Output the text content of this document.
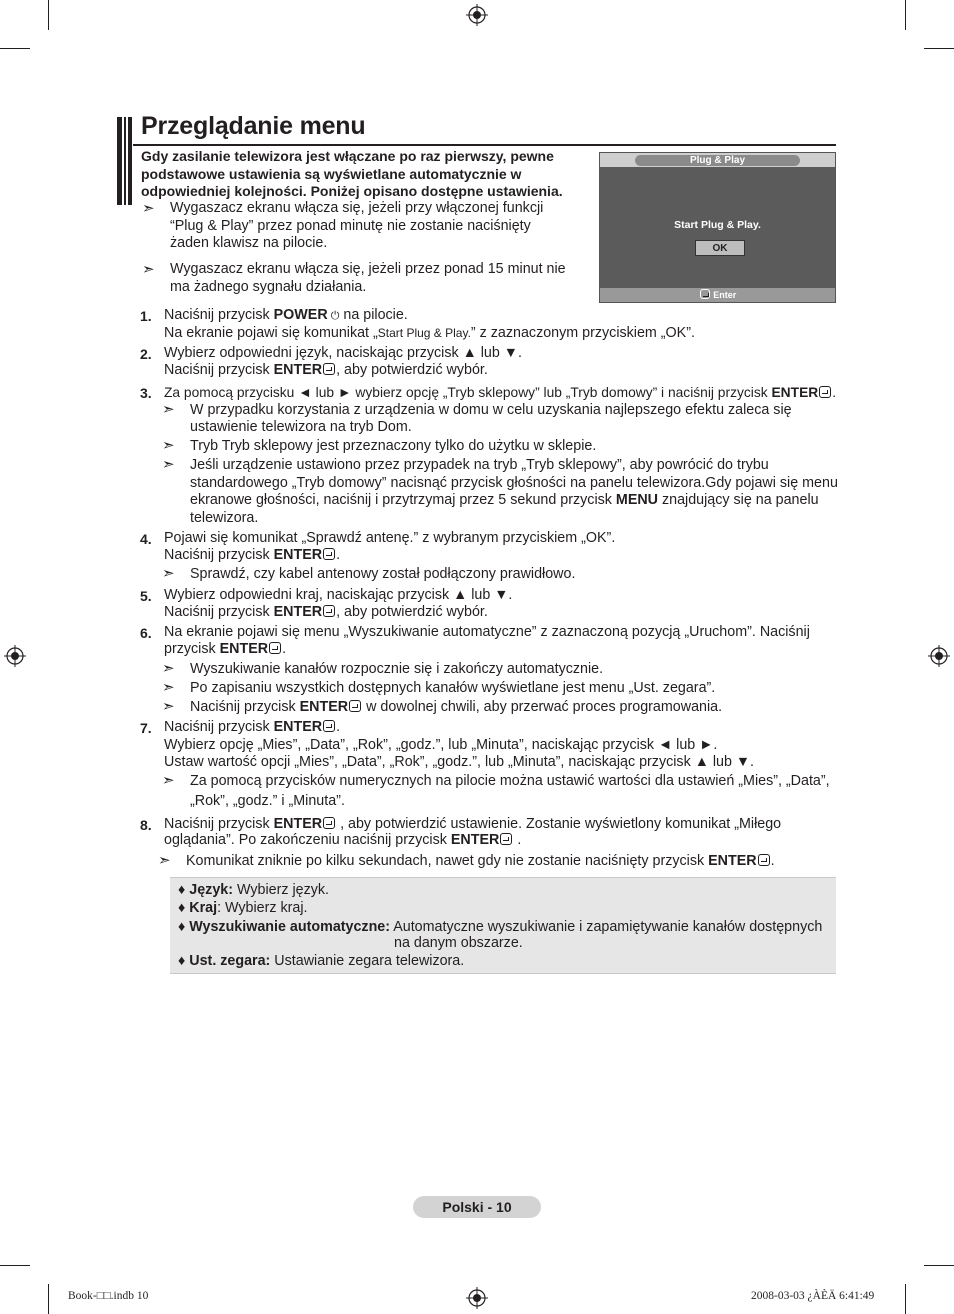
Przeglądanie menu
Gdy zasilanie telewizora jest włączane po raz pierwszy, pewne podstawowe ustawienia są wyświetlane automatycznie w odpowiedniej kolejności. Poniżej opisano dostępne ustawienia.
➣ Wygaszacz ekranu włącza się, jeżeli przy włączonej funkcji
“Plug & Play” przez ponad minutę nie zostanie naciśnięty
żaden klawisz na pilocie.
➣ Wygaszacz ekranu włącza się, jeżeli przez ponad 15 minut nie
ma żadnego sygnału działania.
Plug & Play
Start Plug & Play.
OK
Enter
1. Naciśnij przycisk POWER ⏻ na pilocie.
Na ekranie pojawi się komunikat „Start Plug & Play.” z zaznaczonym przyciskiem „OK”.
2. Wybierz odpowiedni język, naciskając przycisk ▲ lub ▼.
Naciśnij przycisk ENTER , aby potwierdzić wybór.
3. Za pomocą przycisku ◄ lub ► wybierz opcję „Tryb sklepowy” lub „Tryb domowy” i naciśnij przycisk ENTER .
➣ W przypadku korzystania z urządzenia w domu w celu uzyskania najlepszego efektu zaleca się
ustawienie telewizora na tryb Dom.
➣ Tryb Tryb sklepowy jest przeznaczony tylko do użytku w sklepie.
➣ Jeśli urządzenie ustawiono przez przypadek na tryb „Tryb sklepowy”, aby powrócić do trybu
standardowego „Tryb domowy” nacisnąć przycisk głośności na panelu telewizora.Gdy pojawi się menu
ekranowe głośności, naciśnij i przytrzymaj przez 5 sekund przycisk MENU znajdujący się na panelu
telewizora.
4. Pojawi się komunikat „Sprawdź antenę.” z wybranym przyciskiem „OK”.
Naciśnij przycisk ENTER .
➣ Sprawdź, czy kabel antenowy został podłączony prawidłowo.
5. Wybierz odpowiedni kraj, naciskając przycisk ▲ lub ▼.
Naciśnij przycisk ENTER , aby potwierdzić wybór.
6. Na ekranie pojawi się menu „Wyszukiwanie automatyczne” z zaznaczoną pozycją „Uruchom”. Naciśnij
przycisk ENTER .
➣ Wyszukiwanie kanałów rozpocznie się i zakończy automatycznie.
➣ Po zapisaniu wszystkich dostępnych kanałów wyświetlane jest menu „Ust. zegara”.
➣ Naciśnij przycisk ENTER w dowolnej chwili, aby przerwać proces programowania.
7. Naciśnij przycisk ENTER .
Wybierz opcję „Mies”, „Data”, „Rok”, „godz.”, lub „Minuta”, naciskając przycisk ◄ lub ►.
Ustaw wartość opcji „Mies”, „Data”, „Rok”, „godz.”, lub „Minuta”, naciskając przycisk ▲ lub ▼.
➣ Za pomocą przycisków numerycznych na pilocie można ustawić wartości dla ustawień „Mies”, „Data”,
„Rok”, „godz.” i „Minuta”.
8. Naciśnij przycisk ENTER , aby potwierdzić ustawienie. Zostanie wyświetlony komunikat „Miłego
oglądania”. Po zakończeniu naciśnij przycisk ENTER .
➣ Komunikat zniknie po kilku sekundach, nawet gdy nie zostanie naciśnięty przycisk ENTER .
♦ Język: Wybierz język.
♦ Kraj: Wybierz kraj.
♦ Wyszukiwanie automatyczne: Automatyczne wyszukiwanie i zapamiętywanie kanałów dostępnych
na danym obszarze.
♦ Ust. zegara: Ustawianie zegara telewizora.
Polski - 10
Book-□□.indb 10	2008-03-03 ¿ÀÈÄ 6:41:49
